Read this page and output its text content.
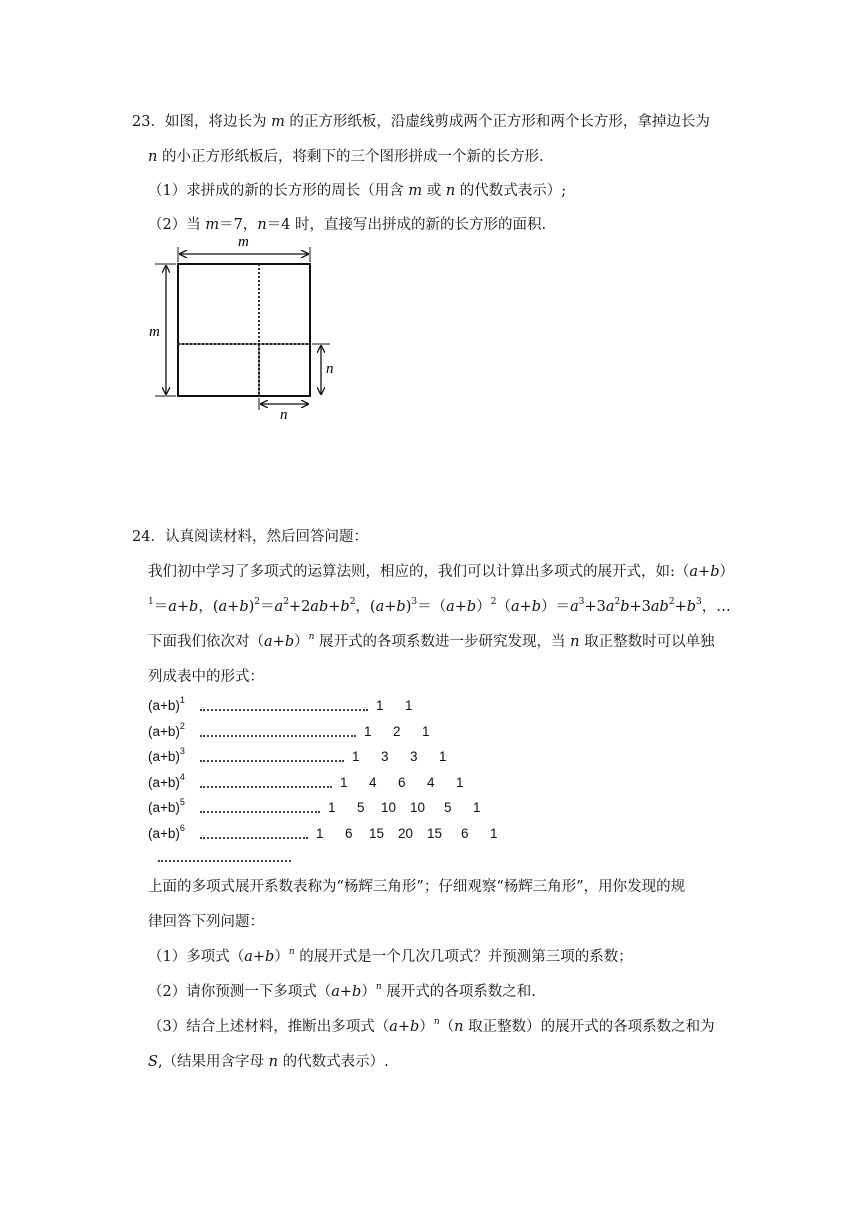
23．如图，将边长为 m 的正方形纸板，沿虚线剪成两个正方形和两个长方形，拿掉边长为
n 的小正方形纸板后，将剩下的三个图形拼成一个新的长方形.
（1）求拼成的新的长方形的周长（用含 m 或 n 的代数式表示）;
（2）当 m＝7，n＝4 时，直接写出拼成的新的长方形的面积.
m
m
n
n
24．认真阅读材料，然后回答问题：
我们初中学习了多项式的运算法则，相应的，我们可以计算出多项式的展开式，如:（a+b）
$^1$＝a+b，$(a+b)^2=a^2+2ab+b^2$，$(a+b)^3=(a+b)^2(a+b)=a^3+3a^2b+3ab^2+b^3$，…
下面我们依次对$(a+b)^n$ 展开式的各项系数进一步研究发现，当 n 取正整数时可以单独
列成表中的形式：
$(a+b)^1$	1 1
$(a+b)^2$	1 2 1
$(a+b)^3$	1 3 3 1
$(a+b)^4$	1 4 6 4 1
$(a+b)^5$	1 5 10 10 5 1
$(a+b)^6$	1 6 15 20 15 6 1
上面的多项式展开系数表称为“杨辉三角形”；仔细观察“杨辉三角形”，用你发现的规
律回答下列问题：
（1）多项式$(a+b)^n$ 的展开式是一个几次几项式？并预测第三项的系数；
（2）请你预测一下多项式$(a+b)^n$ 展开式的各项系数之和.
（3）结合上述材料，推断出多项式$(a+b)^n(n$ 取正整数）的展开式的各项系数之和为
S,（结果用含字母 n 的代数式表示）.
